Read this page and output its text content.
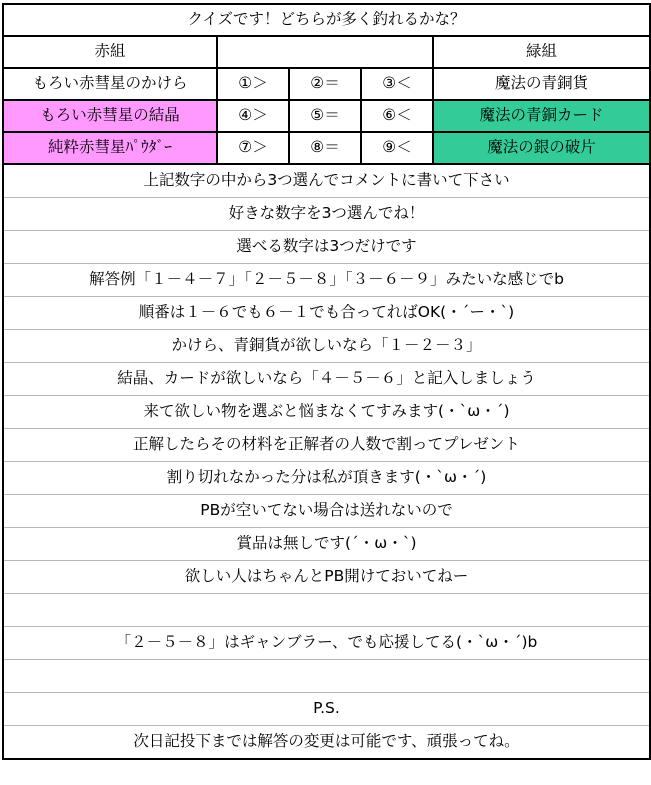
クイズです！どちらが多く釣れるかな？				
赤組				緑組
もろい赤彗星のかけら	①＞	②＝	③＜	魔法の青銅貨
もろい赤彗星の結晶	④＞	⑤＝	⑥＜	魔法の青銅カード
純粋赤彗星ﾊﾟｳﾀﾞｰ	⑦＞	⑧＝	⑨＜	魔法の銀の破片
上記数字の中から3つ選んでコメントに書いて下さい				
好きな数字を3つ選んでね！				
選べる数字は3つだけです				
解答例「１－４－７」「２－５－８」「３－６－９」みたいな感じでb				
順番は１－６でも６－１でも合ってればOK(・´ー・`)				
かけら、青銅貨が欲しいなら「１－２－３」				
結晶、カードが欲しいなら「４－５－６」と記入しましょう				
来て欲しい物を選ぶと悩まなくてすみます(・`ω・´)				
正解したらその材料を正解者の人数で割ってプレゼント				
割り切れなかった分は私が頂きます(・`ω・´)				
PBが空いてない場合は送れないので				
賞品は無しです(´・ω・`)				
欲しい人はちゃんとPB開けておいてねー				

「２－５－８」はギャンブラー、でも応援してる(・`ω・´)b				

P.S.				
次日記投下までは解答の変更は可能です、頑張ってね。				
